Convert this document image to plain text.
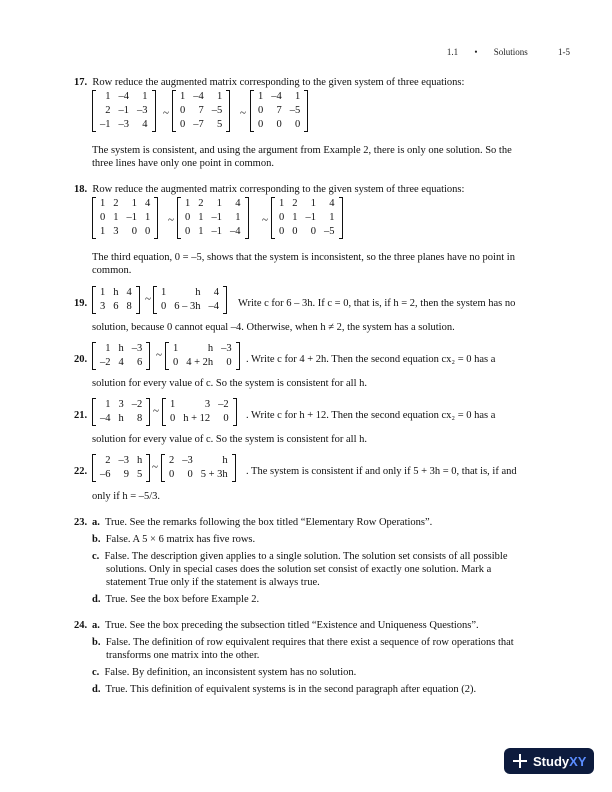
1.1 • Solutions	1-5
17. Row reduce the augmented matrix corresponding to the given system of three equations:
1	–4	1
2	–1	–3
–1	–3	4
~
1	–4	1
0	7	–5
0	–7	5
~
1	–4	1
0	7	–5
0	0	0
The system is consistent, and using the argument from Example 2, there is only one solution. So the
three lines have only one point in common.
18. Row reduce the augmented matrix corresponding to the given system of three equations:
1	2	1	4
0	1	–1	1
1	3	0	0
~
1	2	1	4
0	1	–1	1
0	1	–1	–4
~
1	2	1	4
0	1	–1	1
0	0	0	–5
The third equation, 0 = –5, shows that the system is inconsistent, so the three planes have no point in
common.
19.
1	h	4
3	6	8
~
1	h	4
0	6 – 3h	–4 Write c for 6 – 3h. If c = 0, that is, if h = 2, then the system has no
solution, because 0 cannot equal –4. Otherwise, when h ≠ 2, the system has a solution.
20.
1	h	–3
–2	4	6
~
1	h	–3
0	4 + 2h	0 . Write c for 4 + 2h. Then the second equation cx₂ = 0 has a
solution for every value of c. So the system is consistent for all h.
21.
1	3	–2
–4	h	8
~
1	3	–2
0	h + 12	0 . Write c for h + 12. Then the second equation cx₂ = 0 has a
solution for every value of c. So the system is consistent for all h.
22.
2	–3	h
–6	9	5
~
2	–3	h
0	0	5 + 3h . The system is consistent if and only if 5 + 3h = 0, that is, if and
only if h = –5/3.
23. a. True. See the remarks following the box titled “Elementary Row Operations”.
b. False. A 5 × 6 matrix has five rows.
c. False. The description given applies to a single solution. The solution set consists of all possible
solutions. Only in special cases does the solution set consist of exactly one solution. Mark a
statement True only if the statement is always true.
d. True. See the box before Example 2.
24. a. True. See the box preceding the subsection titled “Existence and Uniqueness Questions”.
b. False. The definition of row equivalent requires that there exist a sequence of row operations that
transforms one matrix into the other.
c. False. By definition, an inconsistent system has no solution.
d. True. This definition of equivalent systems is in the second paragraph after equation (2).
StudyXY
